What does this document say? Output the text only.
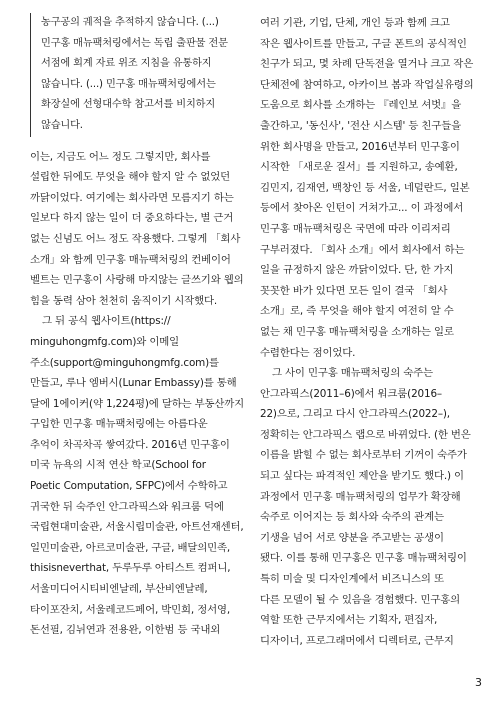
농구공의 궤적을 추적하지 않습니다. (...)
민구홍 매뉴팩처링에서는 독립 출판물 전문
서점에 회계 자료 위조 지침을 유통하지
않습니다. (...) 민구홍 매뉴팩처링에서는
화장실에 선형대수학 참고서를 비치하지
않습니다.
이는, 지금도 어느 정도 그렇지만, 회사를
설립한 뒤에도 무엇을 해야 할지 알 수 없었던
까닭이었다. 여기에는 회사라면 모름지기 하는
일보다 하지 않는 일이 더 중요하다는, 별 근거
없는 신념도 어느 정도 작용했다. 그렇게 「회사
소개」와 함께 민구홍 매뉴팩처링의 컨베이어
벨트는 민구홍이 사랑해 마지않는 글쓰기와 웹의
힘을 동력 삼아 천천히 움직이기 시작했다.
그 뒤 공식 웹사이트(https://
minguhongmfg.com)와 이메일
주소(support@minguhongmfg.com)를
만들고, 루나 엠버시(Lunar Embassy)를 통해
달에 1에이커(약 1,224평)에 달하는 부동산까지
구입한 민구홍 매뉴팩처링에는 아름다운
추억이 차곡차곡 쌓여갔다. 2016년 민구홍이
미국 뉴욕의 시적 연산 학교(School for
Poetic Computation, SFPC)에서 수학하고
귀국한 뒤 숙주인 안그라픽스와 워크룸 덕에
국립현대미술관, 서울시립미술관, 아트선재센터,
일민미술관, 아르코미술관, 구글, 배달의민족,
thisisneverthat, 두루두루 아티스트 컴퍼니,
서울미디어시티비엔날레, 부산비엔날레,
타이포잔치, 서울레코드페어, 박민희, 정서영,
돈선필, 김뉘연과 전용완, 이한범 등 국내외
여러 기관, 기업, 단체, 개인 등과 함께 크고
작은 웹사이트를 만들고, 구글 폰트의 공식적인
친구가 되고, 몇 차례 단독전을 열거나 크고 작은
단체전에 참여하고, 아카이브 봄과 작업실유령의
도움으로 회사를 소개하는 『레인보 셔벗』을
출간하고, '동신사', '전산 시스템' 등 친구들을
위한 회사명을 만들고, 2016년부터 민구홍이
시작한 「새로운 질서」를 지원하고, 송예환,
김민지, 김재연, 백창인 등 서울, 네덜란드, 일본
등에서 찾아온 인턴이 거쳐가고... 이 과정에서
민구홍 매뉴팩처링은 국면에 따라 이리저리
구부러졌다. 「회사 소개」에서 회사에서 하는
일을 규정하지 않은 까닭이었다. 단, 한 가지
꼿꼿한 바가 있다면 모든 일이 결국 「회사
소개」로, 즉 무엇을 해야 할지 여전히 알 수
없는 채 민구홍 매뉴팩처링을 소개하는 일로
수렴한다는 점이었다.
그 사이 민구홍 매뉴팩처링의 숙주는
안그라픽스(2011–6)에서 워크룸(2016–
22)으로, 그리고 다시 안그라픽스(2022–),
정확히는 안그라픽스 랩으로 바뀌었다. (한 번은
이름을 밝힐 수 없는 회사로부터 기꺼이 숙주가
되고 싶다는 파격적인 제안을 받기도 했다.) 이
과정에서 민구홍 매뉴팩처링의 업무가 확장해
숙주로 이어지는 등 회사와 숙주의 관계는
기생을 넘어 서로 양분을 주고받는 공생이
됐다. 이를 통해 민구홍은 민구홍 매뉴팩처링이
특히 미술 및 디자인계에서 비즈니스의 또
다른 모델이 될 수 있음을 경험했다. 민구홍의
역할 또한 근무지에서는 기획자, 편집자,
디자이너, 프로그래머에서 디렉터로, 근무지
3
